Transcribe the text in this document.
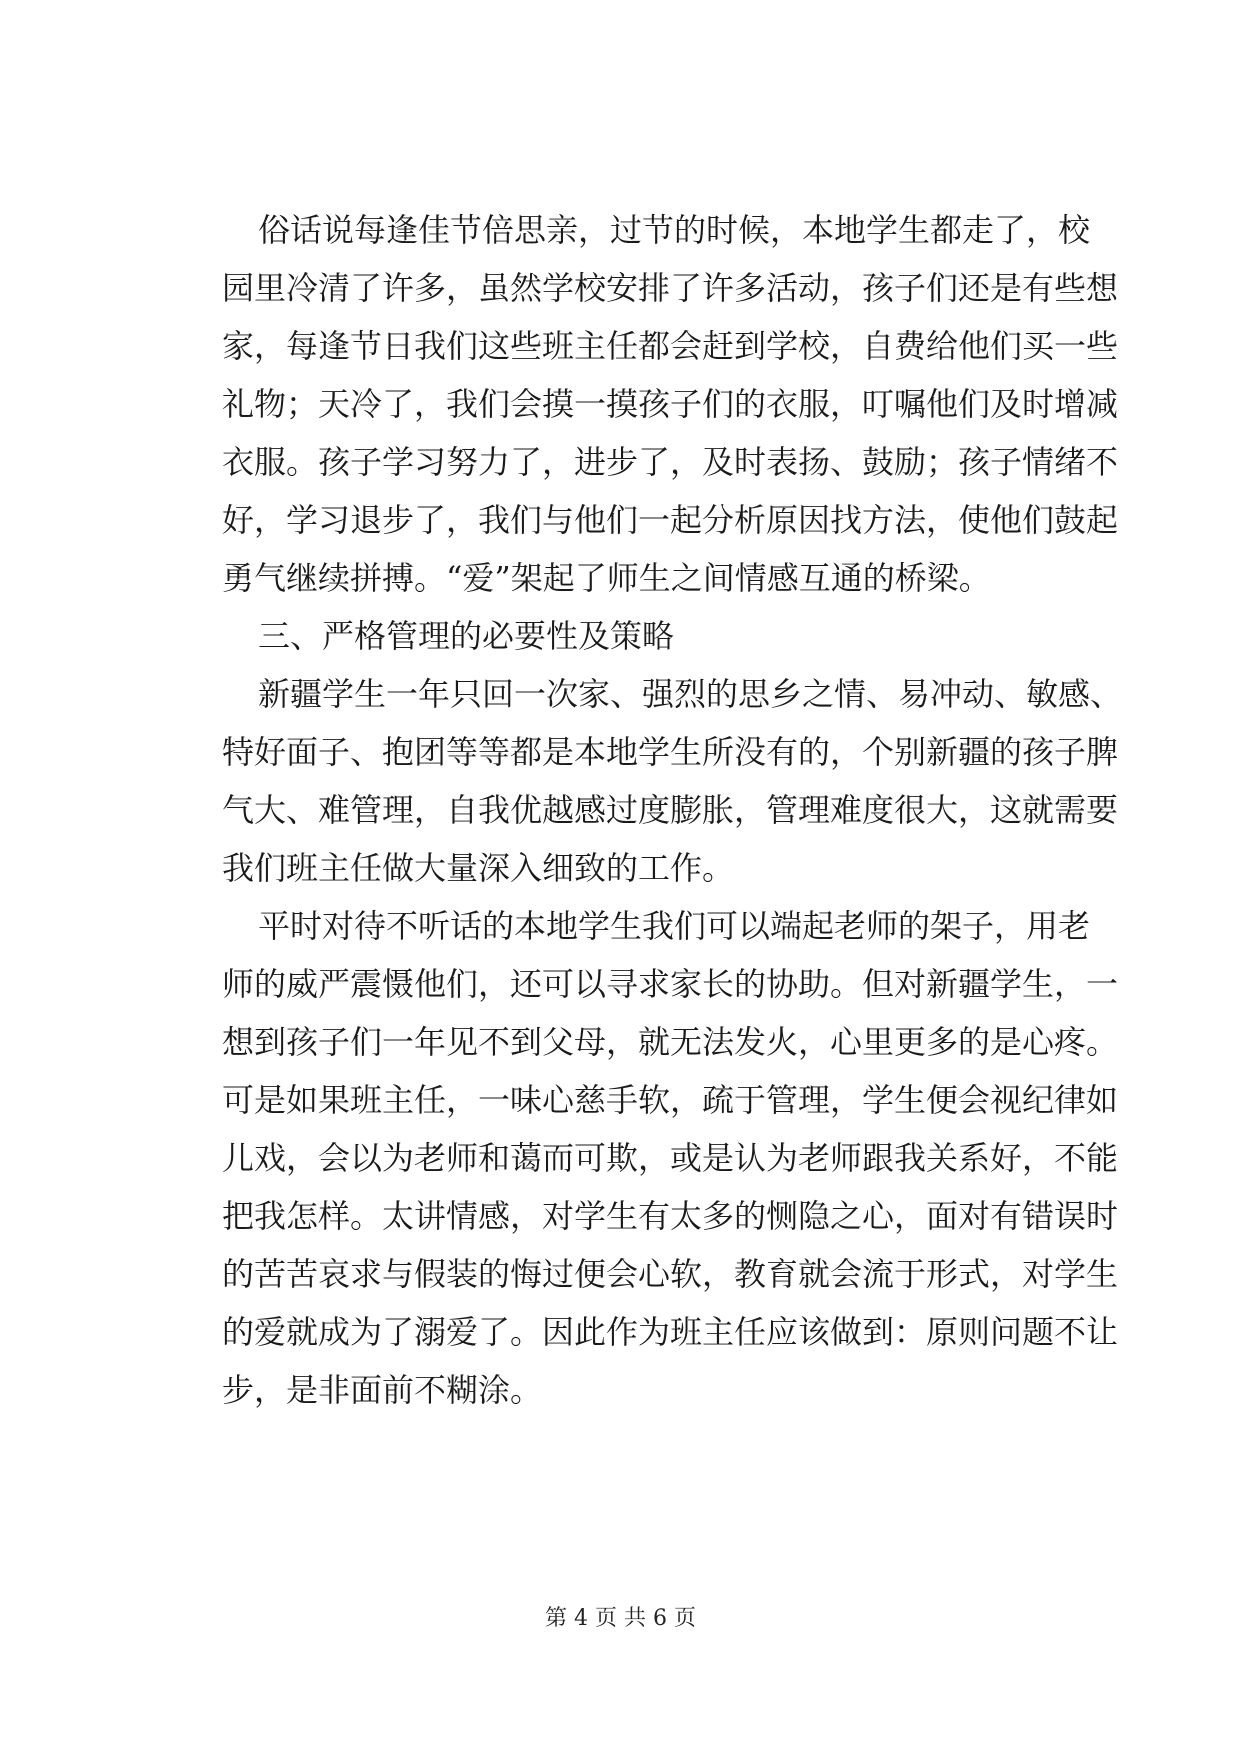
俗话说每逢佳节倍思亲，过节的时候，本地学生都走了，校
园里冷清了许多，虽然学校安排了许多活动，孩子们还是有些想
家，每逢节日我们这些班主任都会赶到学校，自费给他们买一些
礼物；天冷了，我们会摸一摸孩子们的衣服，叮嘱他们及时增减
衣服。孩子学习努力了，进步了，及时表扬、鼓励；孩子情绪不
好，学习退步了，我们与他们一起分析原因找方法，使他们鼓起
勇气继续拼搏。“爱”架起了师生之间情感互通的桥梁。
三、严格管理的必要性及策略
新疆学生一年只回一次家、强烈的思乡之情、易冲动、敏感、
特好面子、抱团等等都是本地学生所没有的，个别新疆的孩子脾
气大、难管理，自我优越感过度膨胀，管理难度很大，这就需要
我们班主任做大量深入细致的工作。
平时对待不听话的本地学生我们可以端起老师的架子，用老
师的威严震慑他们，还可以寻求家长的协助。但对新疆学生，一
想到孩子们一年见不到父母，就无法发火，心里更多的是心疼。
可是如果班主任，一味心慈手软，疏于管理，学生便会视纪律如
儿戏，会以为老师和蔼而可欺，或是认为老师跟我关系好，不能
把我怎样。太讲情感，对学生有太多的恻隐之心，面对有错误时
的苦苦哀求与假装的悔过便会心软，教育就会流于形式，对学生
的爱就成为了溺爱了。因此作为班主任应该做到：原则问题不让
步，是非面前不糊涂。
第 4 页 共 6 页
